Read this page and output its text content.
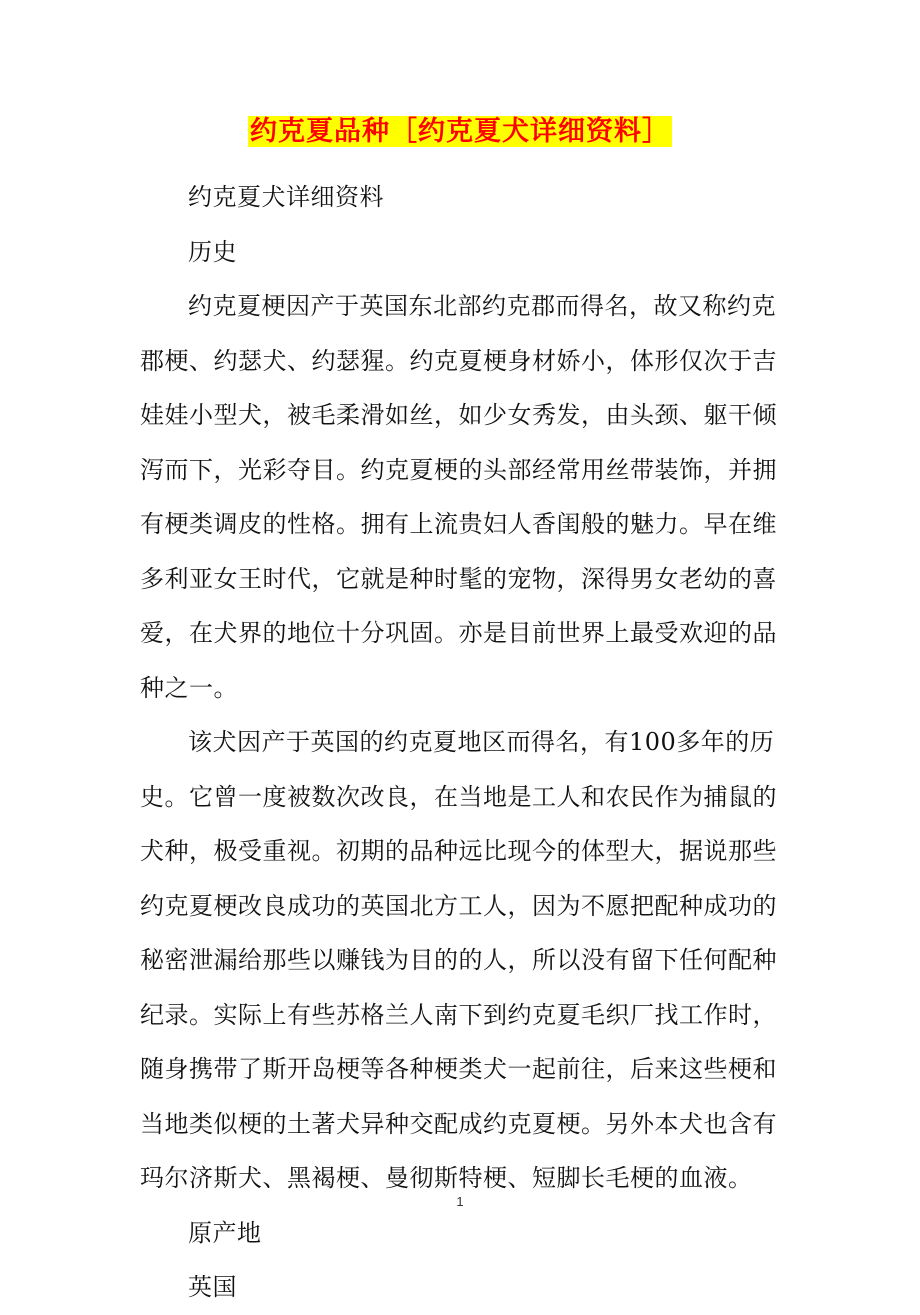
约克夏品种［约克夏犬详细资料］

约克夏犬详细资料

历史

约克夏梗因产于英国东北部约克郡而得名，故又称约克郡梗、约瑟犬、约瑟猩。约克夏梗身材娇小，体形仅次于吉娃娃小型犬，被毛柔滑如丝，如少女秀发，由头颈、躯干倾泻而下，光彩夺目。约克夏梗的头部经常用丝带装饰，并拥有梗类调皮的性格。拥有上流贵妇人香闺般的魅力。早在维多利亚女王时代，它就是种时髦的宠物，深得男女老幼的喜爱，在犬界的地位十分巩固。亦是目前世界上最受欢迎的品种之一。

该犬因产于英国的约克夏地区而得名，有100多年的历史。它曾一度被数次改良，在当地是工人和农民作为捕鼠的犬种，极受重视。初期的品种远比现今的体型大，据说那些约克夏梗改良成功的英国北方工人，因为不愿把配种成功的秘密泄漏给那些以赚钱为目的的人，所以没有留下任何配种纪录。实际上有些苏格兰人南下到约克夏毛织厂找工作时，随身携带了斯开岛梗等各种梗类犬一起前往，后来这些梗和当地类似梗的土著犬异种交配成约克夏梗。另外本犬也含有玛尔济斯犬、黑褐梗、曼彻斯特梗、短脚长毛梗的血液。

原产地

英国

1
